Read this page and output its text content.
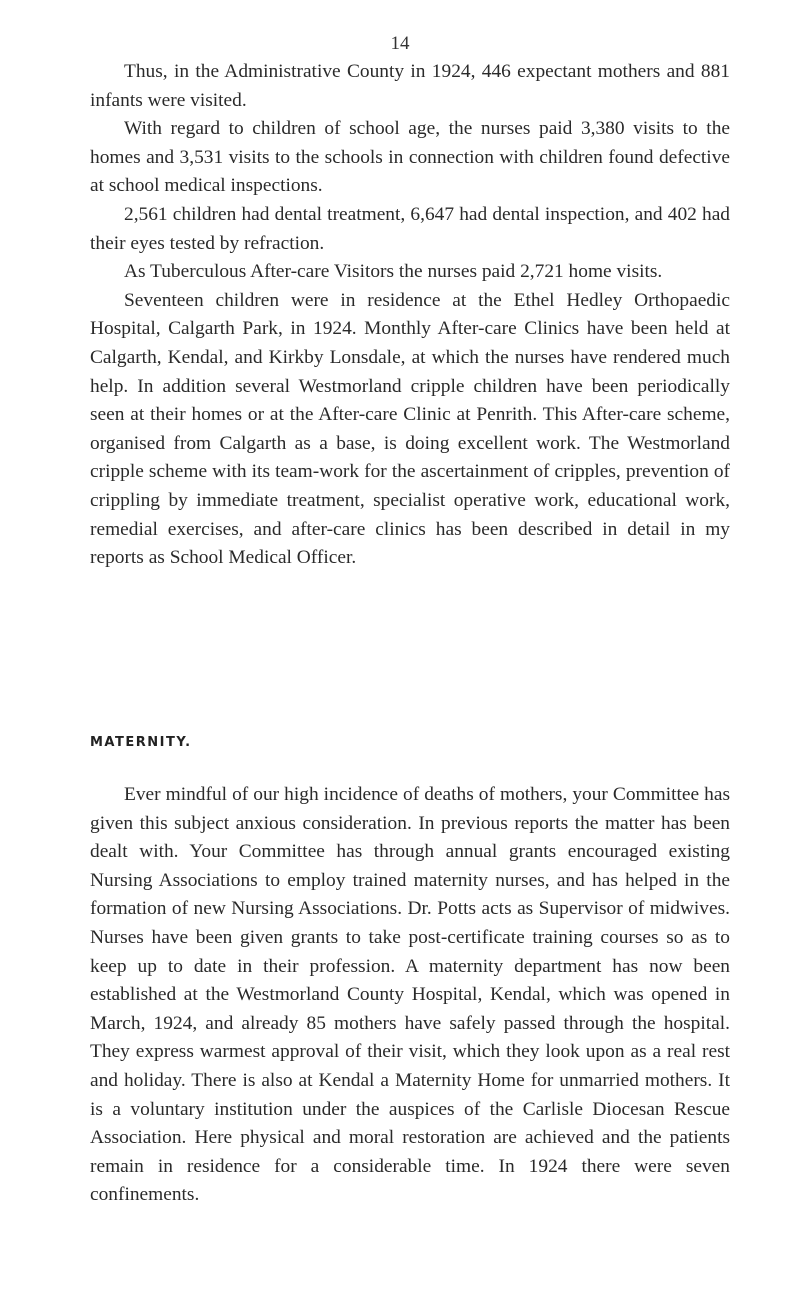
14

Thus, in the Administrative County in 1924, 446 expectant mothers and 881 infants were visited.

With regard to children of school age, the nurses paid 3,380 visits to the homes and 3,531 visits to the schools in connection with children found defective at school medical inspections.

2,561 children had dental treatment, 6,647 had dental inspection, and 402 had their eyes tested by refraction.

As Tuberculous After-care Visitors the nurses paid 2,721 home visits.

Seventeen children were in residence at the Ethel Hedley Orthopaedic Hospital, Calgarth Park, in 1924. Monthly After-care Clinics have been held at Calgarth, Kendal, and Kirkby Lonsdale, at which the nurses have rendered much help. In addition several Westmorland cripple children have been periodically seen at their homes or at the After-care Clinic at Penrith. This After-care scheme, organised from Calgarth as a base, is doing excellent work. The Westmorland cripple scheme with its team-work for the ascertainment of cripples, prevention of crippling by immediate treatment, specialist operative work, educational work, remedial exercises, and after-care clinics has been described in detail in my reports as School Medical Officer.

MATERNITY.

Ever mindful of our high incidence of deaths of mothers, your Committee has given this subject anxious consideration. In previous reports the matter has been dealt with. Your Committee has through annual grants encouraged existing Nursing Associations to employ trained maternity nurses, and has helped in the formation of new Nursing Associations. Dr. Potts acts as Supervisor of midwives. Nurses have been given grants to take post-certificate training courses so as to keep up to date in their profession. A maternity department has now been established at the Westmorland County Hospital, Kendal, which was opened in March, 1924, and already 85 mothers have safely passed through the hospital. They express warmest approval of their visit, which they look upon as a real rest and holiday. There is also at Kendal a Maternity Home for unmarried mothers. It is a voluntary institution under the auspices of the Carlisle Diocesan Rescue Association. Here physical and moral restoration are achieved and the patients remain in residence for a considerable time. In 1924 there were seven confinements.
